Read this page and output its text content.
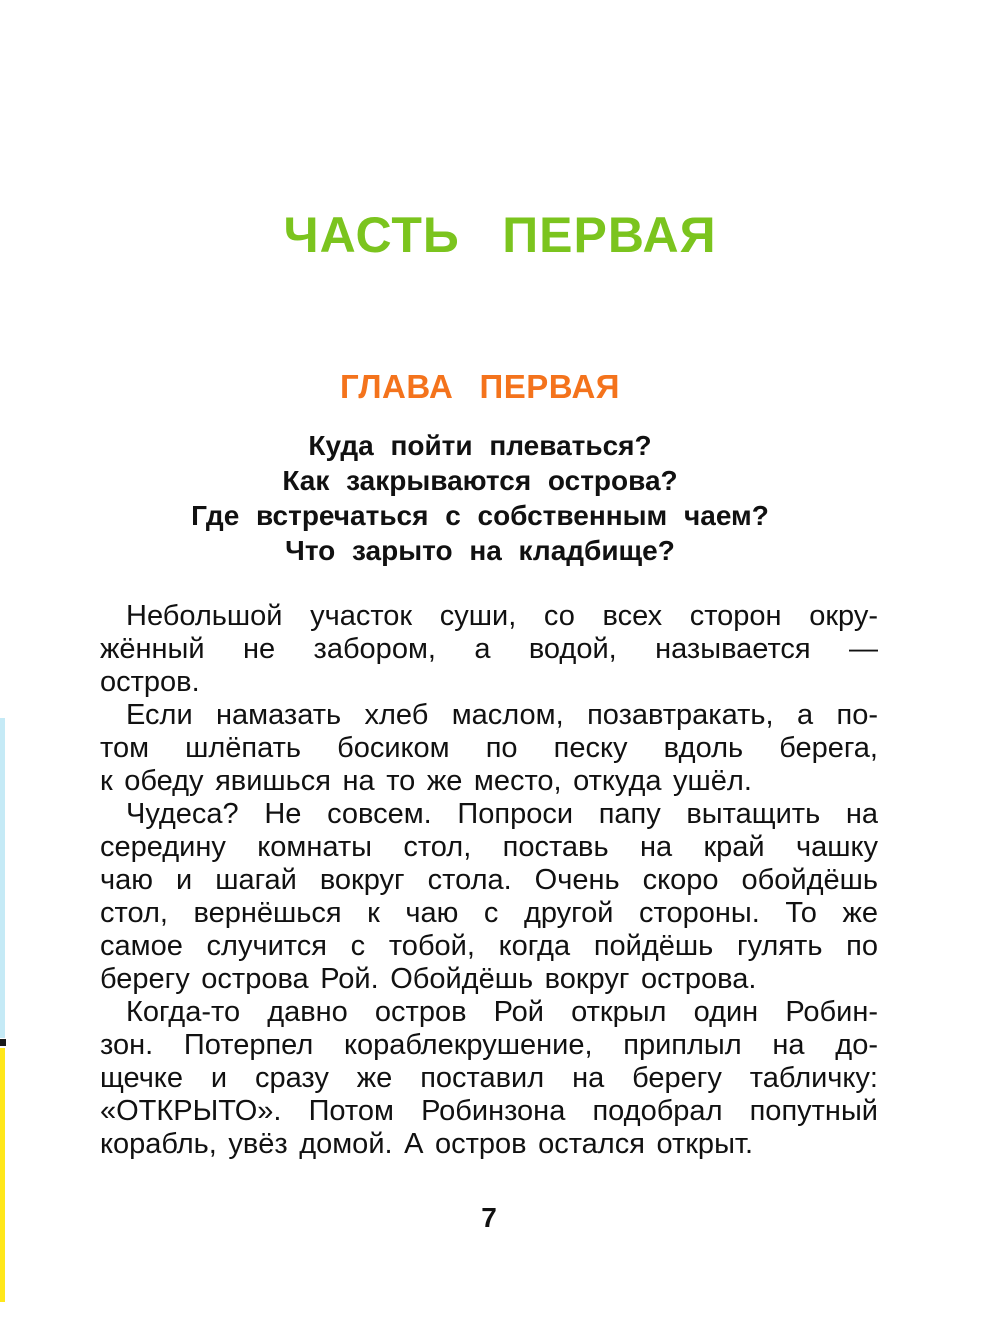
ЧАСТЬ ПЕРВАЯ
ГЛАВА ПЕРВАЯ
Куда пойти плеваться?
Как закрываются острова?
Где встречаться с собственным чаем?
Что зарыто на кладбище?
Небольшой участок суши, со всех сторон окру-
жённый не забором, а водой, называется —
остров.
Если намазать хлеб маслом, позавтракать, а по-
том шлёпать босиком по песку вдоль берега,
к обеду явишься на то же место, откуда ушёл.
Чудеса? Не совсем. Попроси папу вытащить на
середину комнаты стол, поставь на край чашку
чаю и шагай вокруг стола. Очень скоро обойдёшь
стол, вернёшься к чаю с другой стороны. То же
самое случится с тобой, когда пойдёшь гулять по
берегу острова Рой. Обойдёшь вокруг острова.
Когда-то давно остров Рой открыл один Робин-
зон. Потерпел кораблекрушение, приплыл на до-
щечке и сразу же поставил на берегу табличку:
«ОТКРЫТО». Потом Робинзона подобрал попутный
корабль, увёз домой. А остров остался открыт.
7
